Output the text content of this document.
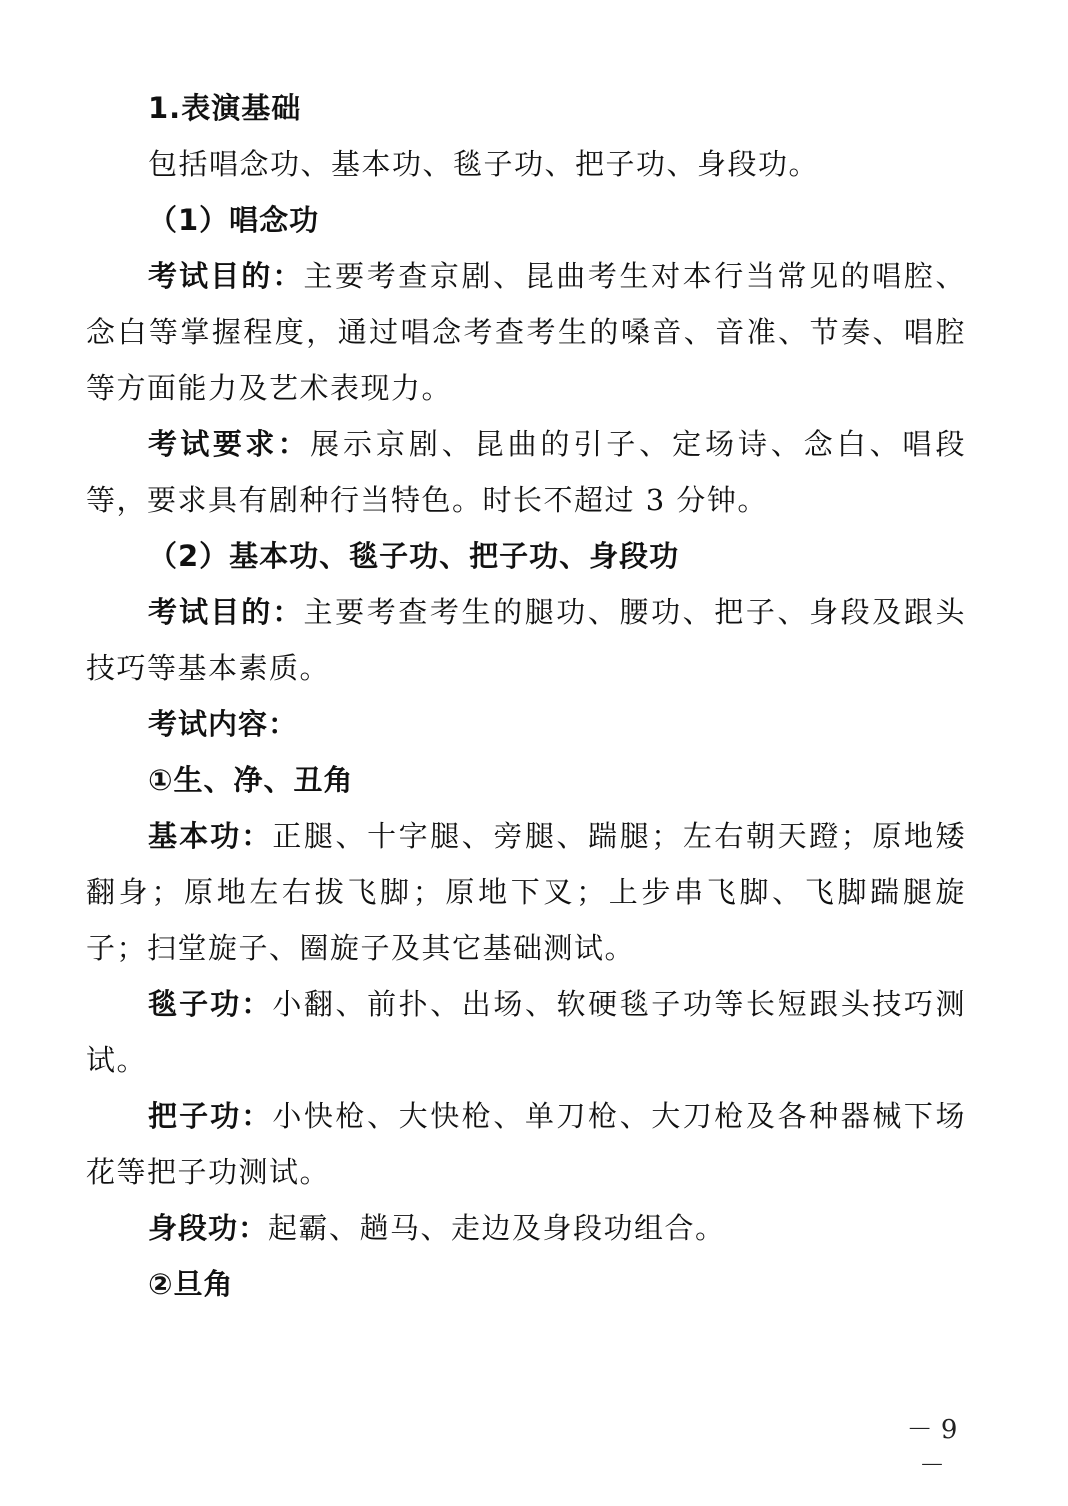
1.表演基础

包括唱念功、基本功、毯子功、把子功、身段功。

（1）唱念功

考试目的：主要考查京剧、昆曲考生对本行当常见的唱腔、念白等掌握程度，通过唱念考查考生的嗓音、音准、节奏、唱腔等方面能力及艺术表现力。

考试要求：展示京剧、昆曲的引子、定场诗、念白、唱段等，要求具有剧种行当特色。时长不超过 3 分钟。

（2）基本功、毯子功、把子功、身段功

考试目的：主要考查考生的腿功、腰功、把子、身段及跟头技巧等基本素质。

考试内容：

①生、净、丑角

基本功：正腿、十字腿、旁腿、踹腿；左右朝天蹬；原地矮翻身；原地左右拔飞脚；原地下叉；上步串飞脚、飞脚踹腿旋子；扫堂旋子、圈旋子及其它基础测试。

毯子功：小翻、前扑、出场、软硬毯子功等长短跟头技巧测试。

把子功：小快枪、大快枪、单刀枪、大刀枪及各种器械下场花等把子功测试。

身段功：起霸、趟马、走边及身段功组合。

②旦角

－ 9 －
